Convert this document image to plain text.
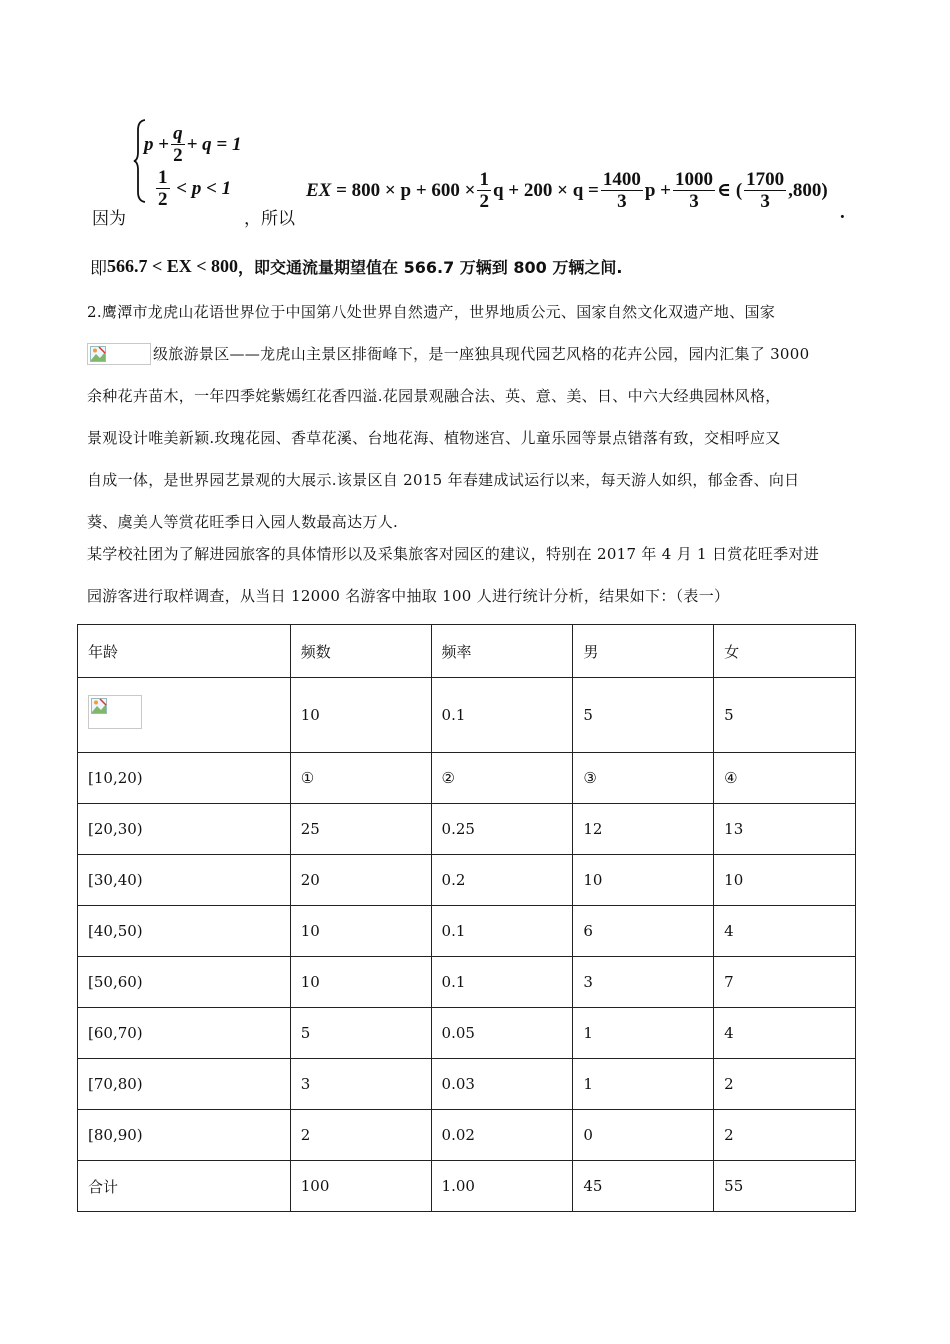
因为
$p + \frac{q}{2} + q = 1$
$\frac{1}{2}$
< p < 1
，所以
EX
= $800 \times p + 600 \times \frac{1}{2}$ $q + 200 \times q = \frac{1400}{3}$ $p + \frac{1000}{3}$ ∈ ( $\frac{1700}{3} ,800$)
.
即 566.7 < EX < 800 ，即交通流量期望值在 566.7 万辆到 800 万辆之间.
2.鹰潭市龙虎山花语世界位于中国第八处世界自然遗产，世界地质公元、国家自然文化双遗产地、国家
级旅游景区——龙虎山主景区排衙峰下，是一座独具现代园艺风格的花卉公园，园内汇集了 3000
余种花卉苗木，一年四季姹紫嫣红花香四溢.花园景观融合法、英、意、美、日、中六大经典园林风格，
景观设计唯美新颖.玫瑰花园、香草花溪、台地花海、植物迷宫、儿童乐园等景点错落有致，交相呼应又
自成一体，是世界园艺景观的大展示.该景区自 2015 年春建成试运行以来，每天游人如织，郁金香、向日
葵、虞美人等赏花旺季日入园人数最高达万人.
某学校社团为了解进园旅客的具体情形以及采集旅客对园区的建议，特别在 2017 年 4 月 1 日赏花旺季对进
园游客进行取样调查，从当日 12000 名游客中抽取 100 人进行统计分析，结果如下：（表一）
年龄	频数	频率	男	女

	10	0.1	5	5
[10,20)	①	②	③	④
[20,30)	25	0.25	12	13
[30,40)	20	0.2	10	10
[40,50)	10	0.1	6	4
[50,60)	10	0.1	3	7
[60,70)	5	0.05	1	4
[70,80)	3	0.03	1	2
[80,90)	2	0.02	0	2
合计	100	1.00	45	55
